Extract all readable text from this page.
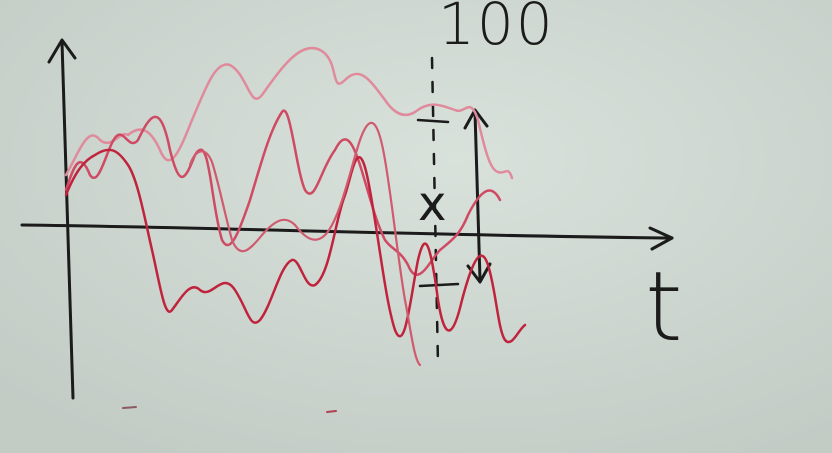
t
100
x
